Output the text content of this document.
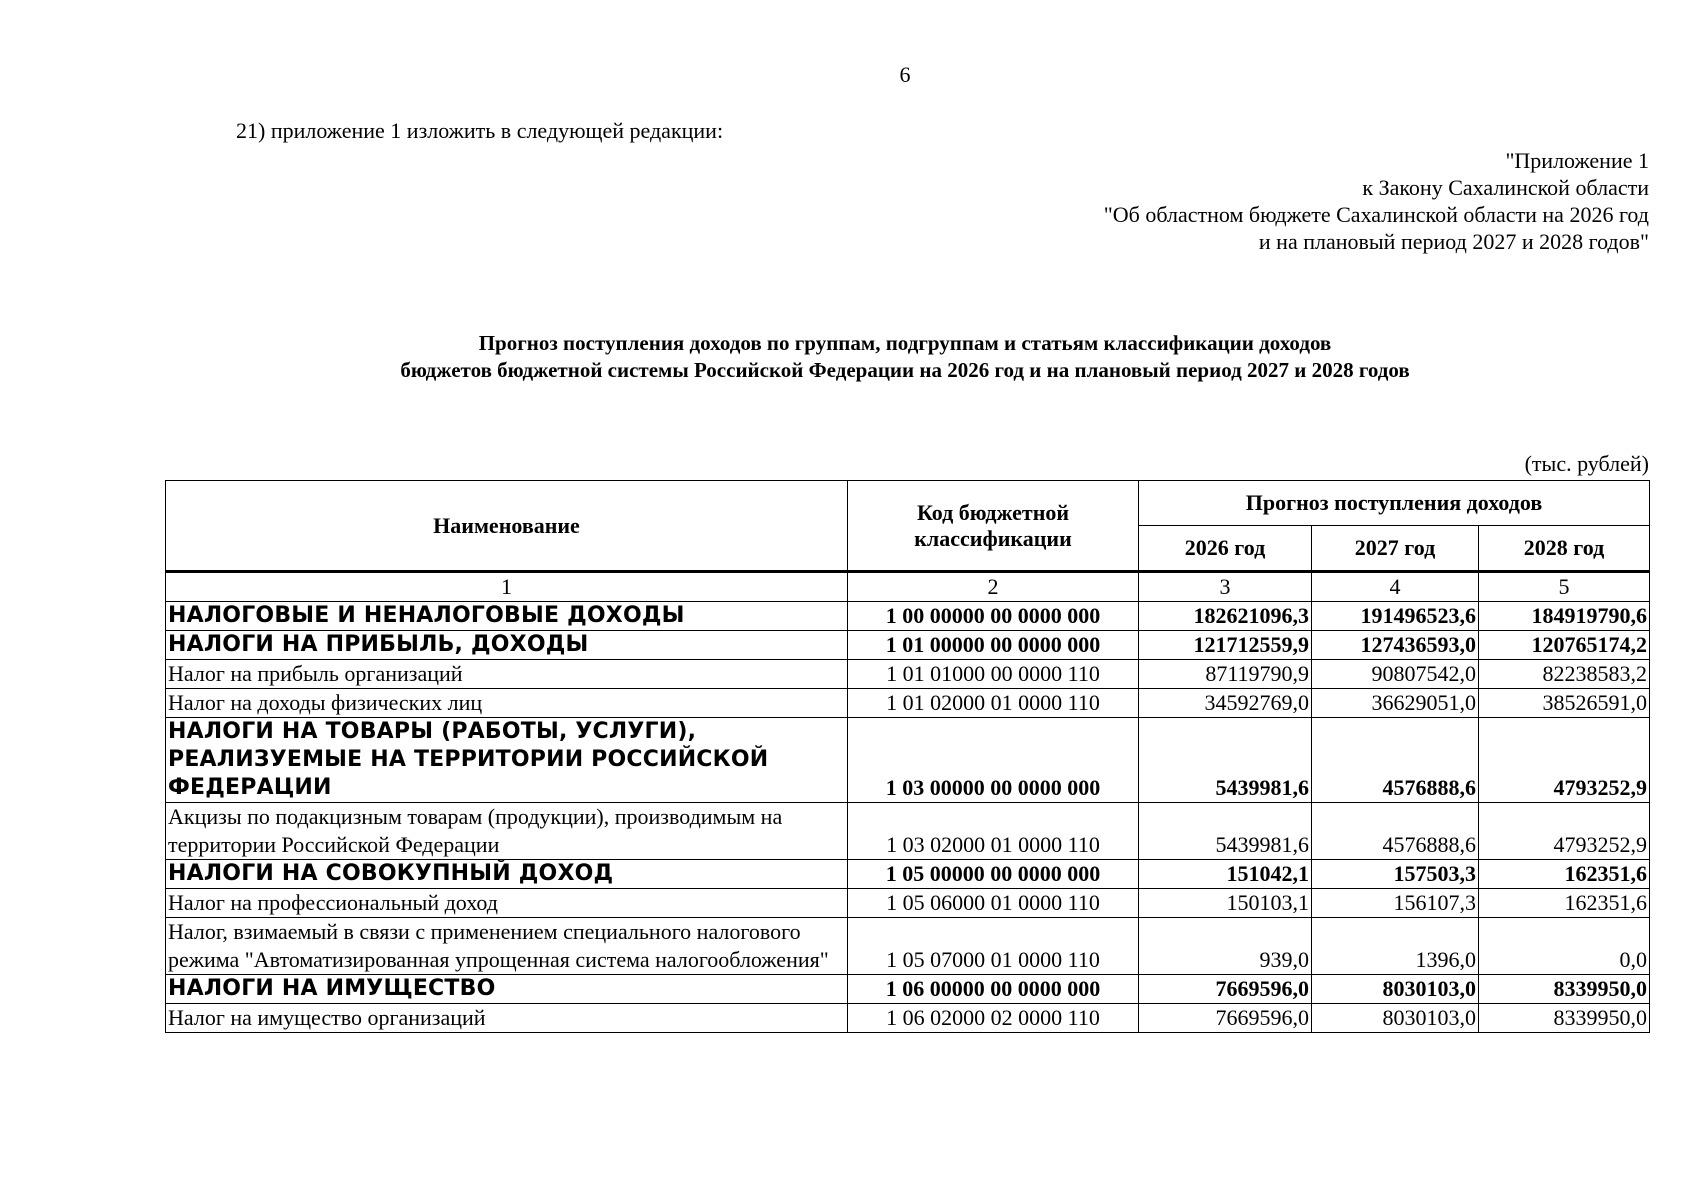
6
21) приложение 1 изложить в следующей редакции:
"Приложение 1
к Закону Сахалинской области
"Об областном бюджете Сахалинской области на 2026 год
и на плановый период 2027 и 2028 годов"
Прогноз поступления доходов по группам, подгруппам и статьям классификации доходов
бюджетов бюджетной системы Российской Федерации на 2026 год и на плановый период 2027 и 2028 годов
(тыс. рублей)
Наименование	Код бюджетной классификации	Прогноз поступления доходов		
		2026 год	2027 год	2028 год
1	2	3	4	5
НАЛОГОВЫЕ И НЕНАЛОГОВЫЕ ДОХОДЫ	1 00 00000 00 0000 000	182621096,3	191496523,6	184919790,6
НАЛОГИ НА ПРИБЫЛЬ, ДОХОДЫ	1 01 00000 00 0000 000	121712559,9	127436593,0	120765174,2
Налог на прибыль организаций	1 01 01000 00 0000 110	87119790,9	90807542,0	82238583,2
Налог на доходы физических лиц	1 01 02000 01 0000 110	34592769,0	36629051,0	38526591,0
НАЛОГИ НА ТОВАРЫ (РАБОТЫ, УСЛУГИ), РЕАЛИЗУЕМЫЕ НА ТЕРРИТОРИИ РОССИЙСКОЙ ФЕДЕРАЦИИ	1 03 00000 00 0000 000	5439981,6	4576888,6	4793252,9
Акцизы по подакцизным товарам (продукции), производимым на территории Российской Федерации	1 03 02000 01 0000 110	5439981,6	4576888,6	4793252,9
НАЛОГИ НА СОВОКУПНЫЙ ДОХОД	1 05 00000 00 0000 000	151042,1	157503,3	162351,6
Налог на профессиональный доход	1 05 06000 01 0000 110	150103,1	156107,3	162351,6
Налог, взимаемый в связи с применением специального налогового режима "Автоматизированная упрощенная система налогообложения"	1 05 07000 01 0000 110	939,0	1396,0	0,0
НАЛОГИ НА ИМУЩЕСТВО	1 06 00000 00 0000 000	7669596,0	8030103,0	8339950,0
Налог на имущество организаций	1 06 02000 02 0000 110	7669596,0	8030103,0	8339950,0
